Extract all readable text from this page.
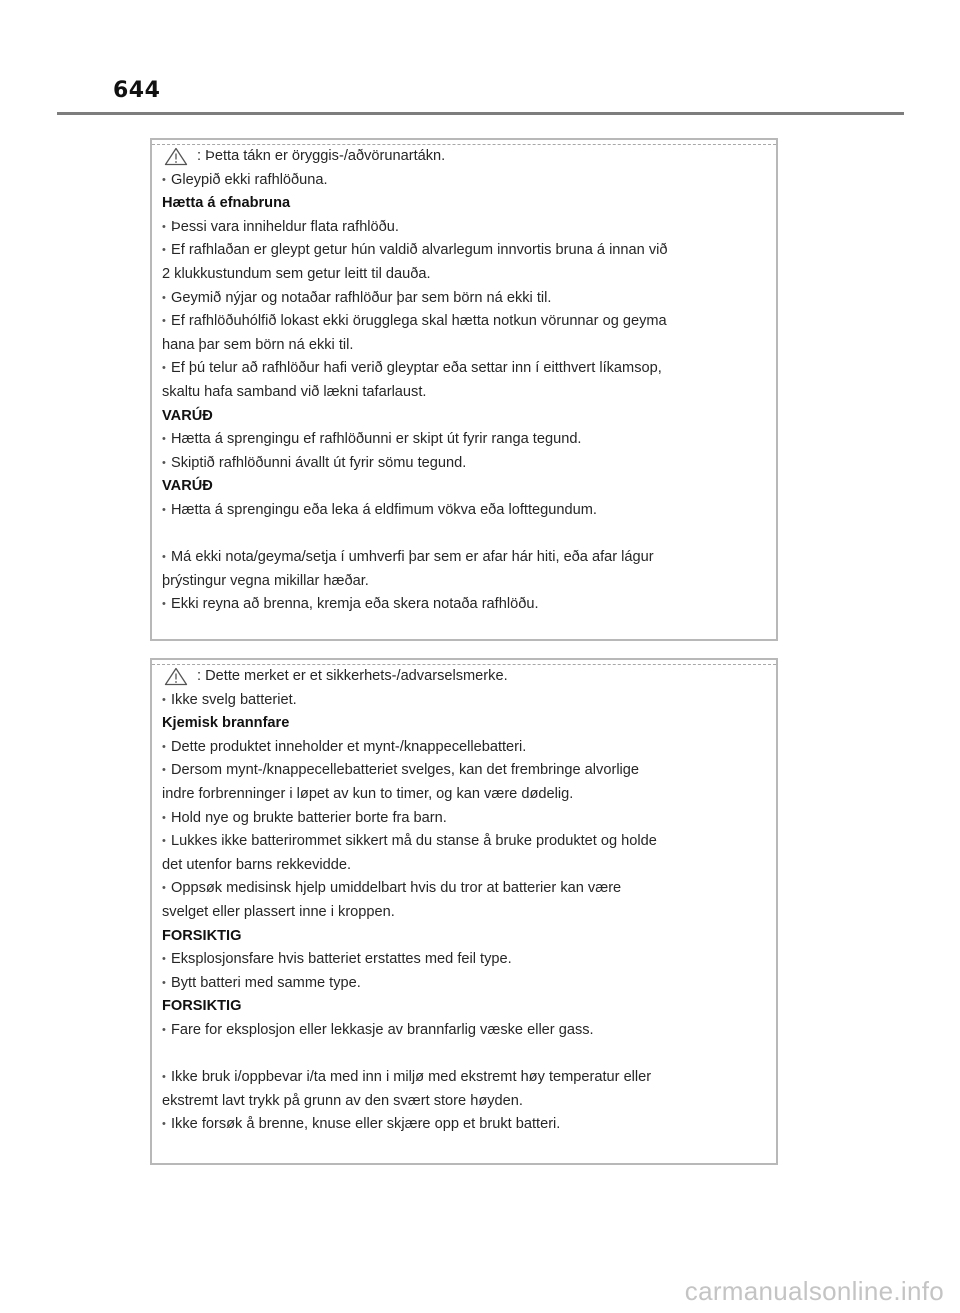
644
: Þetta tákn er öryggis-/aðvörunartákn.
• Gleypið ekki rafhlöðuna.
Hætta á efnabruna
• Þessi vara inniheldur flata rafhlöðu.
• Ef rafhlaðan er gleypt getur hún valdið alvarlegum innvortis bruna á innan við
2 klukkustundum sem getur leitt til dauða.
• Geymið nýjar og notaðar rafhlöður þar sem börn ná ekki til.
• Ef rafhlöðuhólfið lokast ekki örugglega skal hætta notkun vörunnar og geyma
hana þar sem börn ná ekki til.
• Ef þú telur að rafhlöður hafi verið gleyptar eða settar inn í eitthvert líkamsop,
skaltu hafa samband við lækni tafarlaust.
VARÚÐ
• Hætta á sprengingu ef rafhlöðunni er skipt út fyrir ranga tegund.
• Skiptið rafhlöðunni ávallt út fyrir sömu tegund.
VARÚÐ
• Hætta á sprengingu eða leka á eldfimum vökva eða lofttegundum.
• Má ekki nota/geyma/setja í umhverfi þar sem er afar hár hiti, eða afar lágur
þrýstingur vegna mikillar hæðar.
• Ekki reyna að brenna, kremja eða skera notaða rafhlöðu.
: Dette merket er et sikkerhets-/advarselsmerke.
• Ikke svelg batteriet.
Kjemisk brannfare
• Dette produktet inneholder et mynt-/knappecellebatteri.
• Dersom mynt-/knappecellebatteriet svelges, kan det frembringe alvorlige
indre forbrenninger i løpet av kun to timer, og kan være dødelig.
• Hold nye og brukte batterier borte fra barn.
• Lukkes ikke batterirommet sikkert må du stanse å bruke produktet og holde
det utenfor barns rekkevidde.
• Oppsøk medisinsk hjelp umiddelbart hvis du tror at batterier kan være
svelget eller plassert inne i kroppen.
FORSIKTIG
• Eksplosjonsfare hvis batteriet erstattes med feil type.
• Bytt batteri med samme type.
FORSIKTIG
• Fare for eksplosjon eller lekkasje av brannfarlig væske eller gass.
• Ikke bruk i/oppbevar i/ta med inn i miljø med ekstremt høy temperatur eller
ekstremt lavt trykk på grunn av den svært store høyden.
• Ikke forsøk å brenne, knuse eller skjære opp et brukt batteri.
carmanualsonline.info
